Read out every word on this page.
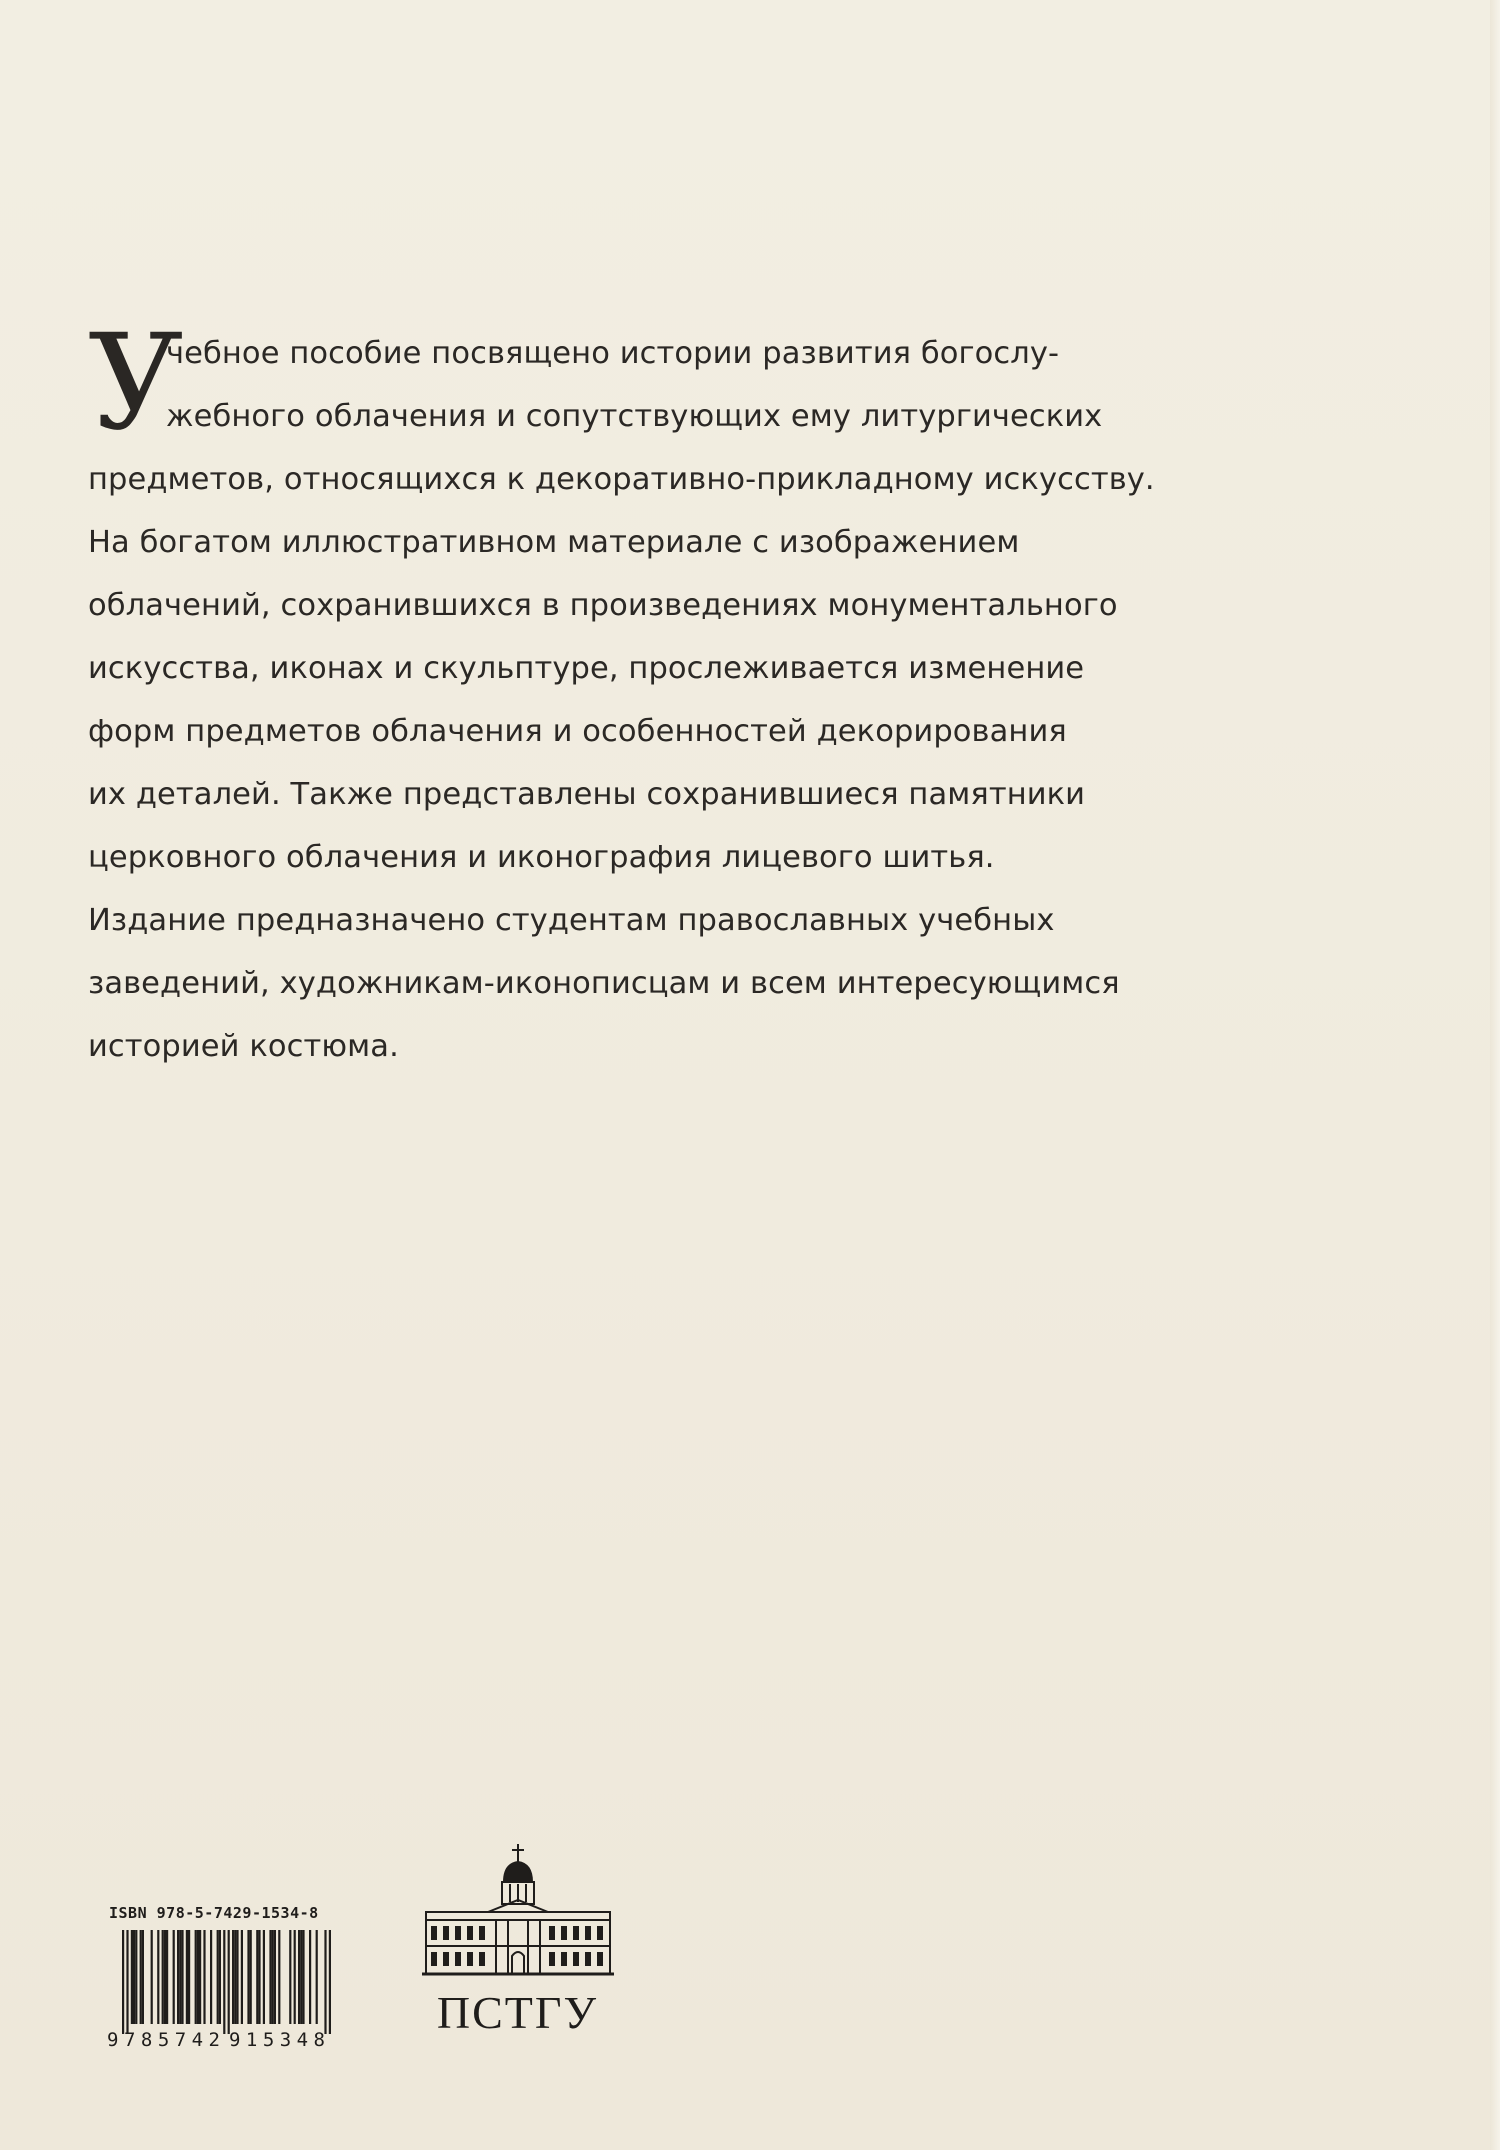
У
чебное пособие посвящено истории развития богослу-
жебного облачения и сопутствующих ему литургических
предметов, относящихся к декоративно-прикладному искусству.
На богатом иллюстративном материале с изображением
облачений, сохранившихся в произведениях монументального
искусства, иконах и скульптуре, прослеживается изменение
форм предметов облачения и особенностей декорирования
их деталей. Также представлены сохранившиеся памятники
церковного облачения и иконография лицевого шитья.
Издание предназначено студентам православных учебных
заведений, художникам-иконописцам и всем интересующимся
историей костюма.
ISBN 978-5-7429-1534-8
9 785742 915348
ПСТГУ
